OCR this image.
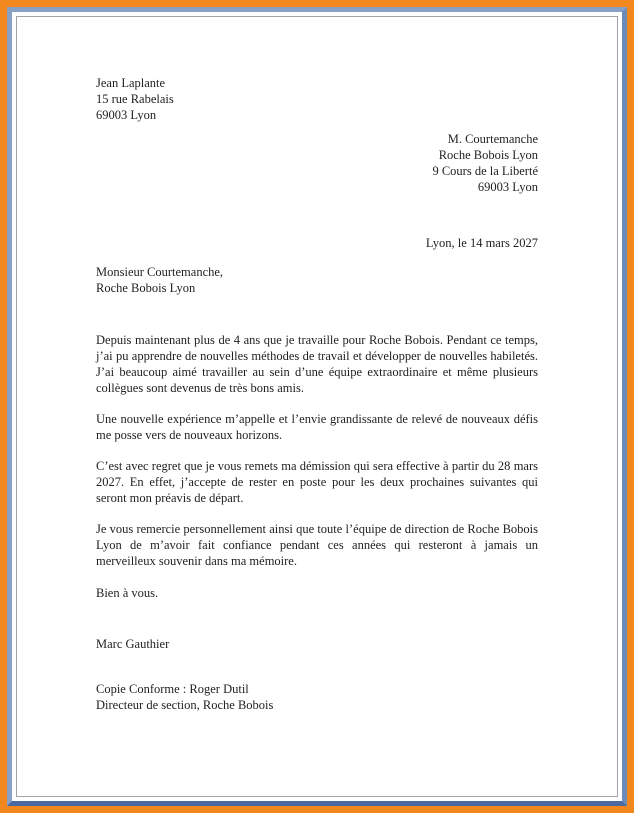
Jean Laplante
15 rue Rabelais
69003 Lyon
M. Courtemanche
Roche Bobois Lyon
9 Cours de la Liberté
69003 Lyon
Lyon, le 14 mars 2027
Monsieur Courtemanche,
Roche Bobois Lyon

Depuis maintenant plus de 4 ans que je travaille pour Roche Bobois. Pendant ce temps, j’ai pu apprendre de nouvelles méthodes de travail et développer de nouvelles habiletés. J’ai beaucoup aimé travailler au sein d’une équipe extraordinaire et même plusieurs collègues sont devenus de très bons amis.

Une nouvelle expérience m’appelle et l’envie grandissante de relevé de nouveaux défis me posse vers de nouveaux horizons.

C’est avec regret que je vous remets ma démission qui sera effective à partir du 28 mars 2027. En effet, j’accepte de rester en poste pour les deux prochaines suivantes qui seront mon préavis de départ.

Je vous remercie personnellement ainsi que toute l’équipe de direction de Roche Bobois Lyon de m’avoir fait confiance pendant ces années qui resteront à jamais un merveilleux souvenir dans ma mémoire.

Bien à vous.
Marc Gauthier
Copie Conforme : Roger Dutil
Directeur de section, Roche Bobois
